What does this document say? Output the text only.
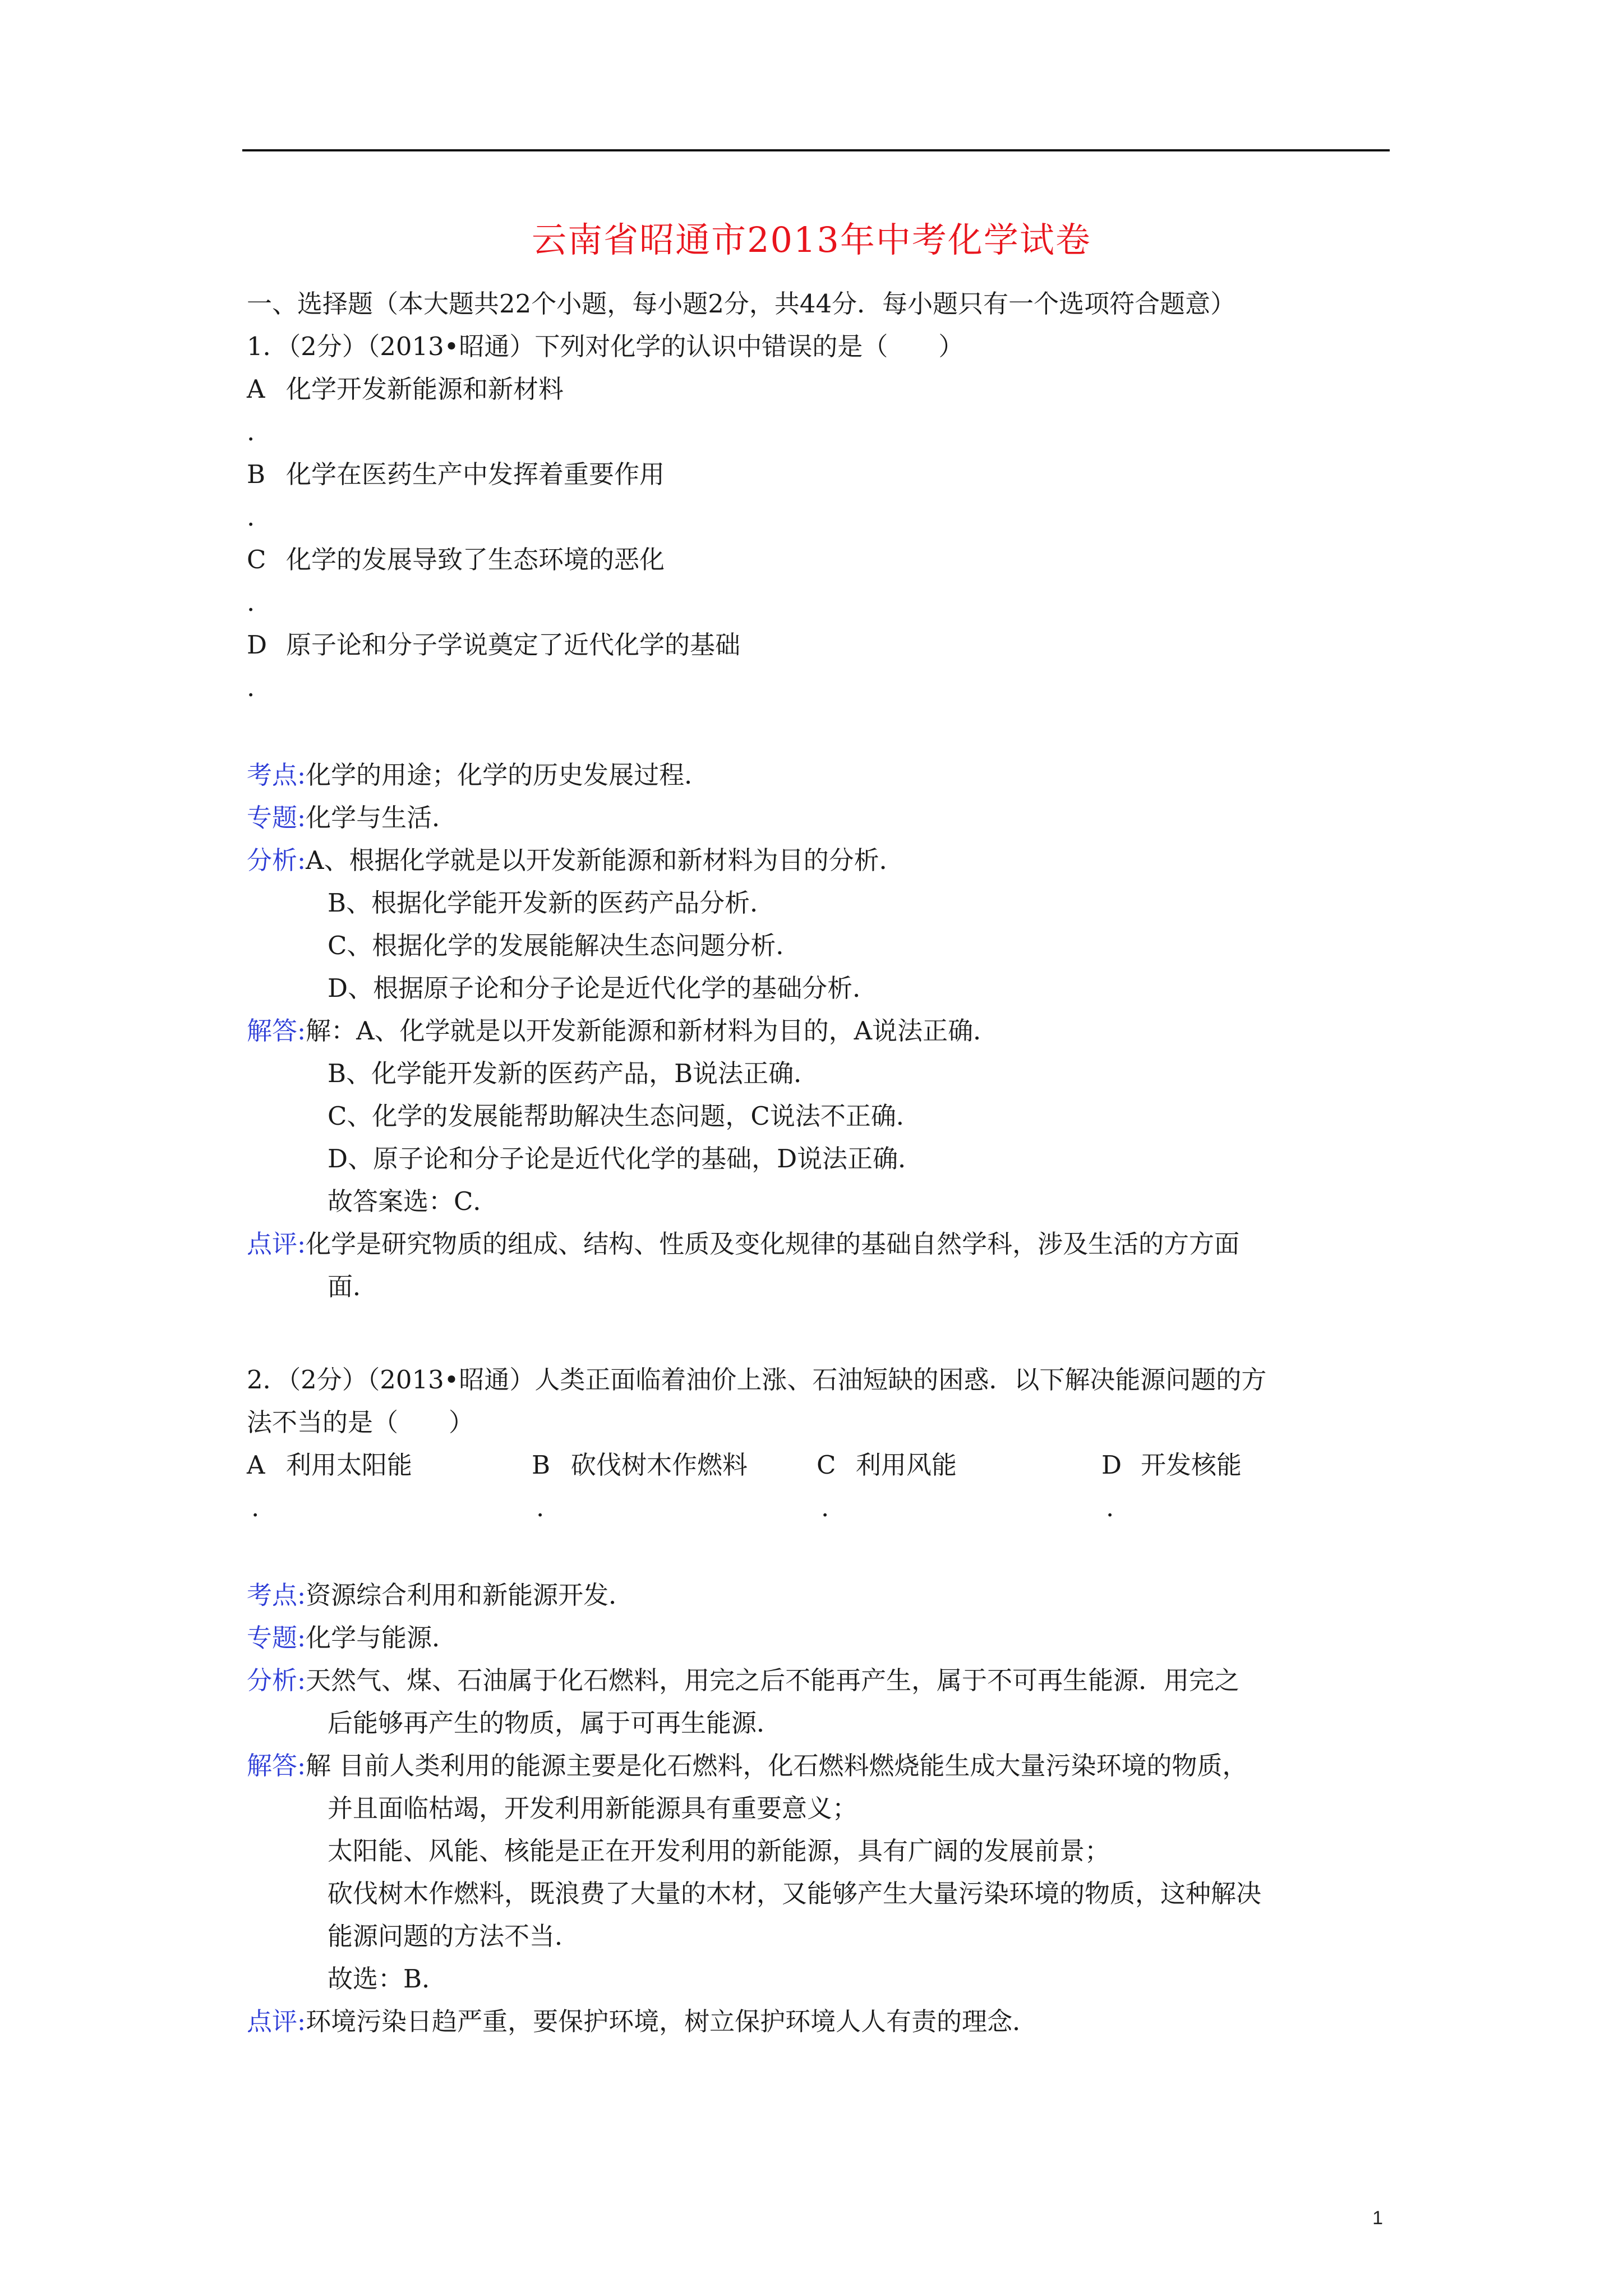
云南省昭通市2013年中考化学试卷
一、选择题（本大题共22个小题，每小题2分，共44分．每小题只有一个选项符合题意）
1．（2分）（2013•昭通）下列对化学的认识中错误的是（　　）
A 化学开发新能源和新材料
.
B 化学在医药生产中发挥着重要作用
.
C 化学的发展导致了生态环境的恶化
.
D 原子论和分子学说奠定了近代化学的基础
.
考点:化学的用途；化学的历史发展过程．
专题:化学与生活．
分析:A、根据化学就是以开发新能源和新材料为目的分析．
B、根据化学能开发新的医药产品分析．
C、根据化学的发展能解决生态问题分析．
D、根据原子论和分子论是近代化学的基础分析．
解答:解：A、化学就是以开发新能源和新材料为目的，A说法正确．
B、化学能开发新的医药产品，B说法正确．
C、化学的发展能帮助解决生态问题，C说法不正确．
D、原子论和分子论是近代化学的基础，D说法正确．
故答案选：C．
点评:化学是研究物质的组成、结构、性质及变化规律的基础自然学科，涉及生活的方方面
面．
2．（2分）（2013•昭通）人类正面临着油价上涨、石油短缺的困惑．以下解决能源问题的方
法不当的是（　　）
A 利用太阳能	B 砍伐树木作燃料	C 利用风能	D 开发核能
.	.	.	.
考点:资源综合利用和新能源开发．
专题:化学与能源．
分析:天然气、煤、石油属于化石燃料，用完之后不能再产生，属于不可再生能源．用完之
后能够再产生的物质，属于可再生能源．
解答:解 目前人类利用的能源主要是化石燃料，化石燃料燃烧能生成大量污染环境的物质，
并且面临枯竭，开发利用新能源具有重要意义；
太阳能、风能、核能是正在开发利用的新能源，具有广阔的发展前景；
砍伐树木作燃料，既浪费了大量的木材，又能够产生大量污染环境的物质，这种解决
能源问题的方法不当．
故选：B．
点评:环境污染日趋严重，要保护环境，树立保护环境人人有责的理念．
1
